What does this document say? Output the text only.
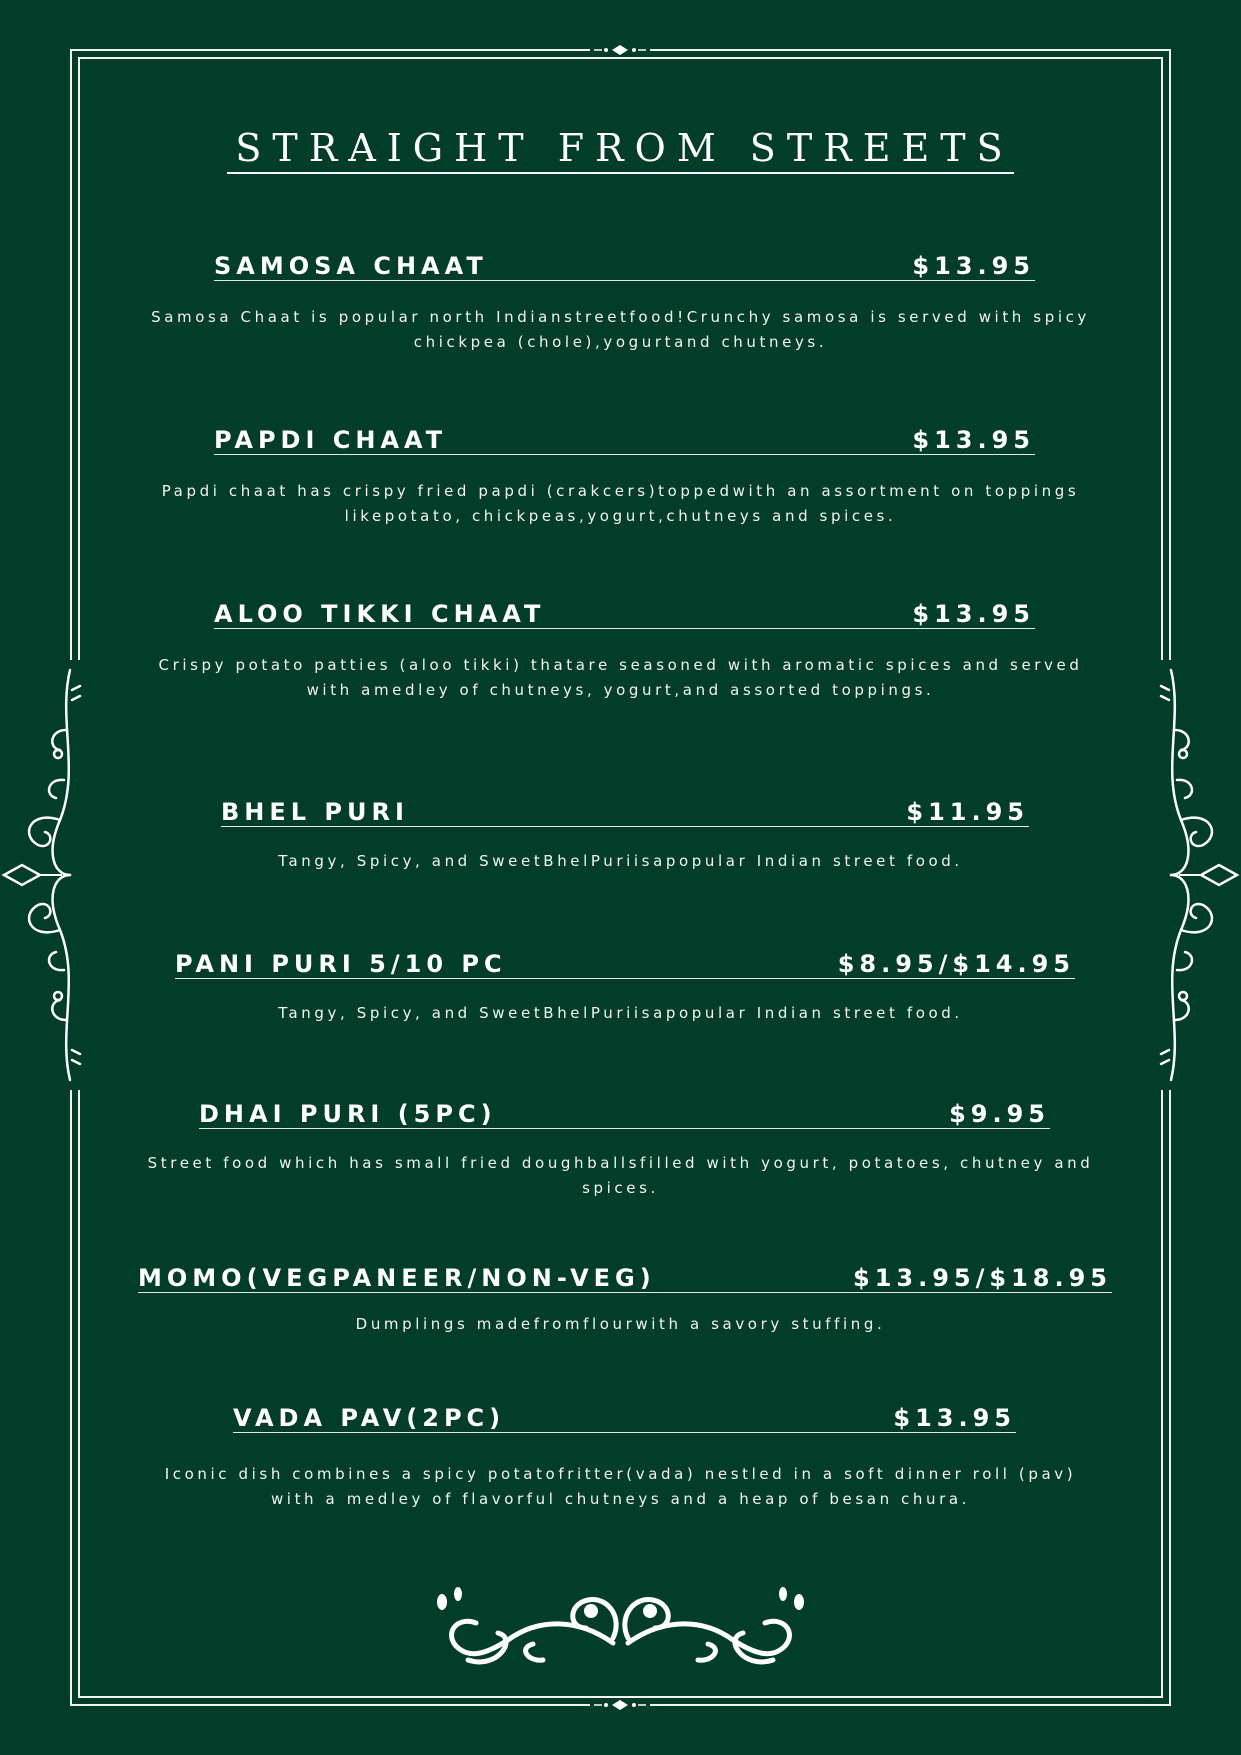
STRAIGHT FROM STREETS
SAMOSA CHAAT	$13.95

Samosa Chaat is popular north Indianstreetfood!Crunchy samosa is served with spicy chickpea (chole),yogurtand chutneys.

PAPDI CHAAT	$13.95

Papdi chaat has crispy fried papdi (crakcers)toppedwith an assortment on toppings likepotato, chickpeas,yogurt,chutneys and spices.

ALOO TIKKI CHAAT	$13.95

Crispy potato patties (aloo tikki) thatare seasoned with aromatic spices and served with amedley of chutneys, yogurt,and assorted toppings.

BHEL PURI	$11.95

Tangy, Spicy, and SweetBhelPuriisapopular Indian street food.

PANI PURI 5/10 PC	$8.95/$14.95

Tangy, Spicy, and SweetBhelPuriisapopular Indian street food.

DHAI PURI (5PC)	$9.95

Street food which has small fried doughballsfilled with yogurt, potatoes, chutney and spices.

MOMO(VEGPANEER/NON-VEG)	$13.95/$18.95

Dumplings madefromflourwith a savory stuffing.

VADA PAV(2PC)	$13.95

Iconic dish combines a spicy potatofritter(vada) nestled in a soft dinner roll (pav) with a medley of flavorful chutneys and a heap of besan chura.
